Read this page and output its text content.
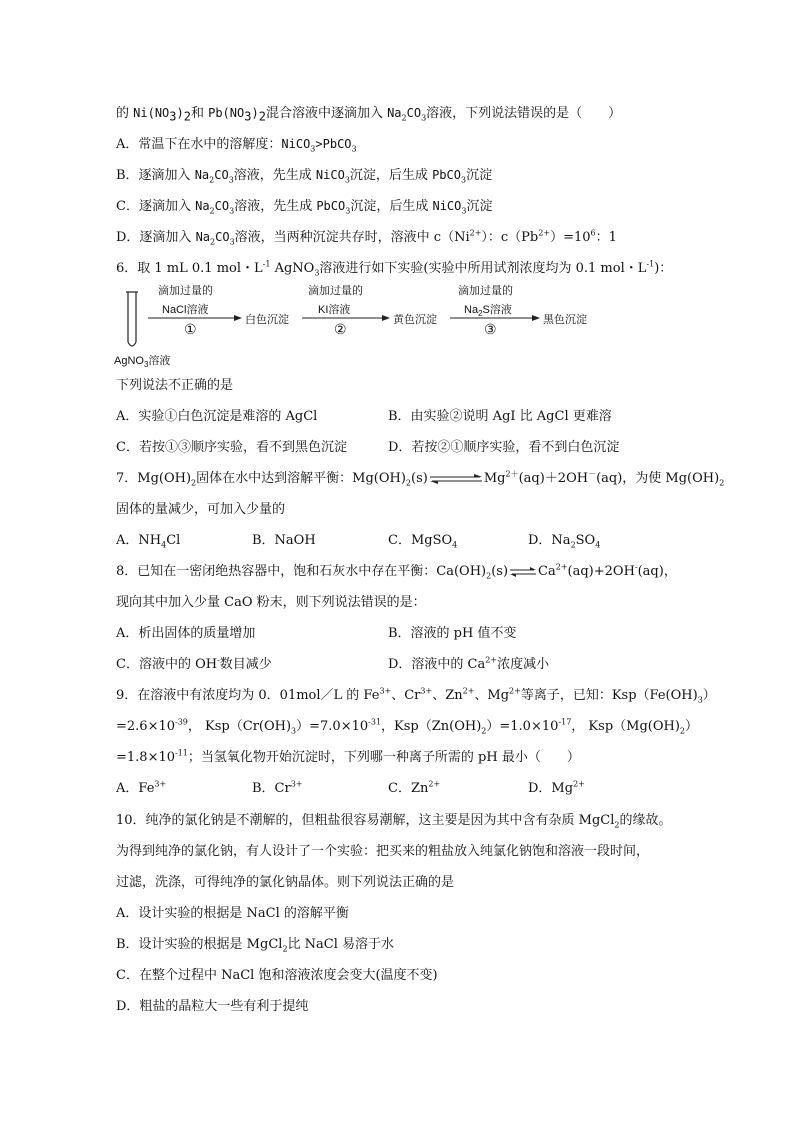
的 $Ni(NO_3)_2$和 $Pb(NO_3)_2$混合溶液中逐滴加入 $Na_2CO_3$溶液，下列说法错误的是（　　）
A．常温下在水中的溶解度：NiCO$_3$>PbCO$_3$
B．逐滴加入 $Na_2CO_3$溶液，先生成 NiCO$_3$沉淀，后生成 PbCO$_3$沉淀
C．逐滴加入 $Na_2CO_3$溶液，先生成 PbCO$_3$沉淀，后生成 NiCO$_3$沉淀
D．逐滴加入 $Na_2CO_3$溶液，当两种沉淀共存时，溶液中 $c(Ni^{2+})$：$c(Pb^{2+})=10^6$：1
6．取 1 mL 0.1 mol・$L^{-1}$ AgNO$_3$溶液进行如下实验(实验中所用试剂浓度均为 0.1 mol・$L^{-1}$)：
滴加过量的
NaCl溶液
①
白色沉淀
滴加过量的
KI溶液
②
黄色沉淀
滴加过量的
$Na_2S$溶液
③
黑色沉淀
AgNO$_3$溶液
下列说法不正确的是
A．实验①白色沉淀是难溶的 AgCl	B．由实验②说明 AgI 比 AgCl 更难溶
C．若按①③顺序实验，看不到黑色沉淀	D．若按②①顺序实验，看不到白色沉淀
7．$Mg(OH)_2$固体在水中达到溶解平衡：$Mg(OH)_2(s)$	$Mg^{2+}(aq)+2OH^-(aq)$，为使 $Mg(OH)_2$
固体的量减少，可加入少量的
A．$NH_4Cl$	B．NaOH	C．MgSO$_4$	D．$Na_2SO_4$
8．已知在一密闭绝热容器中，饱和石灰水中存在平衡：$Ca(OH)_2(s)\rightleftharpoons Ca^{2+}(aq)+2OH^-(aq)$，
现向其中加入少量 CaO 粉末，则下列说法错误的是：
A．析出固体的质量增加	B．溶液的 pH 值不变
C．溶液中的 OH-数目减少	D．溶液中的 $Ca^{2+}$浓度减小
9．在溶液中有浓度均为 0．01mol／L 的 $Fe^{3+}$、$Cr^{3+}$、$Zn^{2+}$、$Mg^{2+}$等离子，已知：$Ksp(Fe(OH)_3)$
$=2.6\times 10^{-39}$， $Ksp(Cr(OH)_3)=7.0\times 10^{-31}$，$Ksp(Zn(OH)_2)=1.0\times 10^{-17}$， $Ksp(Mg(OH)_2)$
$=1.8\times 10^{-11}$；当氢氧化物开始沉淀时，下列哪一种离子所需的 pH 最小（　　）
A．$Fe^{3+}$	B．$Cr^{3+}$	C．$Zn^{2+}$	D．$Mg^{2+}$
10．纯净的氯化钠是不潮解的，但粗盐很容易潮解，这主要是因为其中含有杂质 MgCl$_2$的缘故。
为得到纯净的氯化钠，有人设计了一个实验：把买来的粗盐放入纯氯化钠饱和溶液一段时间，
过滤，洗涤，可得纯净的氯化钠晶体。则下列说法正确的是
A．设计实验的根据是 NaCl 的溶解平衡
B．设计实验的根据是 MgCl$_2$比 NaCl 易溶于水
C．在整个过程中 NaCl 饱和溶液浓度会变大(温度不变)
D．粗盐的晶粒大一些有利于提纯
